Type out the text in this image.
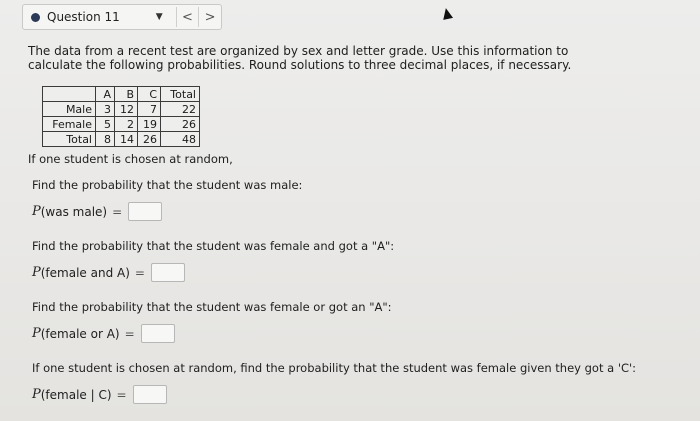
Question 11	▼	< >
The data from a recent test are organized by sex and letter grade. Use this information to calculate the following probabilities. Round solutions to three decimal places, if necessary.
	A	B	C	Total
Male	3	12	7	22
Female	5	2	19	26
Total	8	14	26	48
If one student is chosen at random,
Find the probability that the student was male:
P (was male) =
Find the probability that the student was female and got a "A":
P (female and A) =
Find the probability that the student was female or got an "A":
P (female or A) =
If one student is chosen at random, find the probability that the student was female given they got a 'C':
P (female | C) =
